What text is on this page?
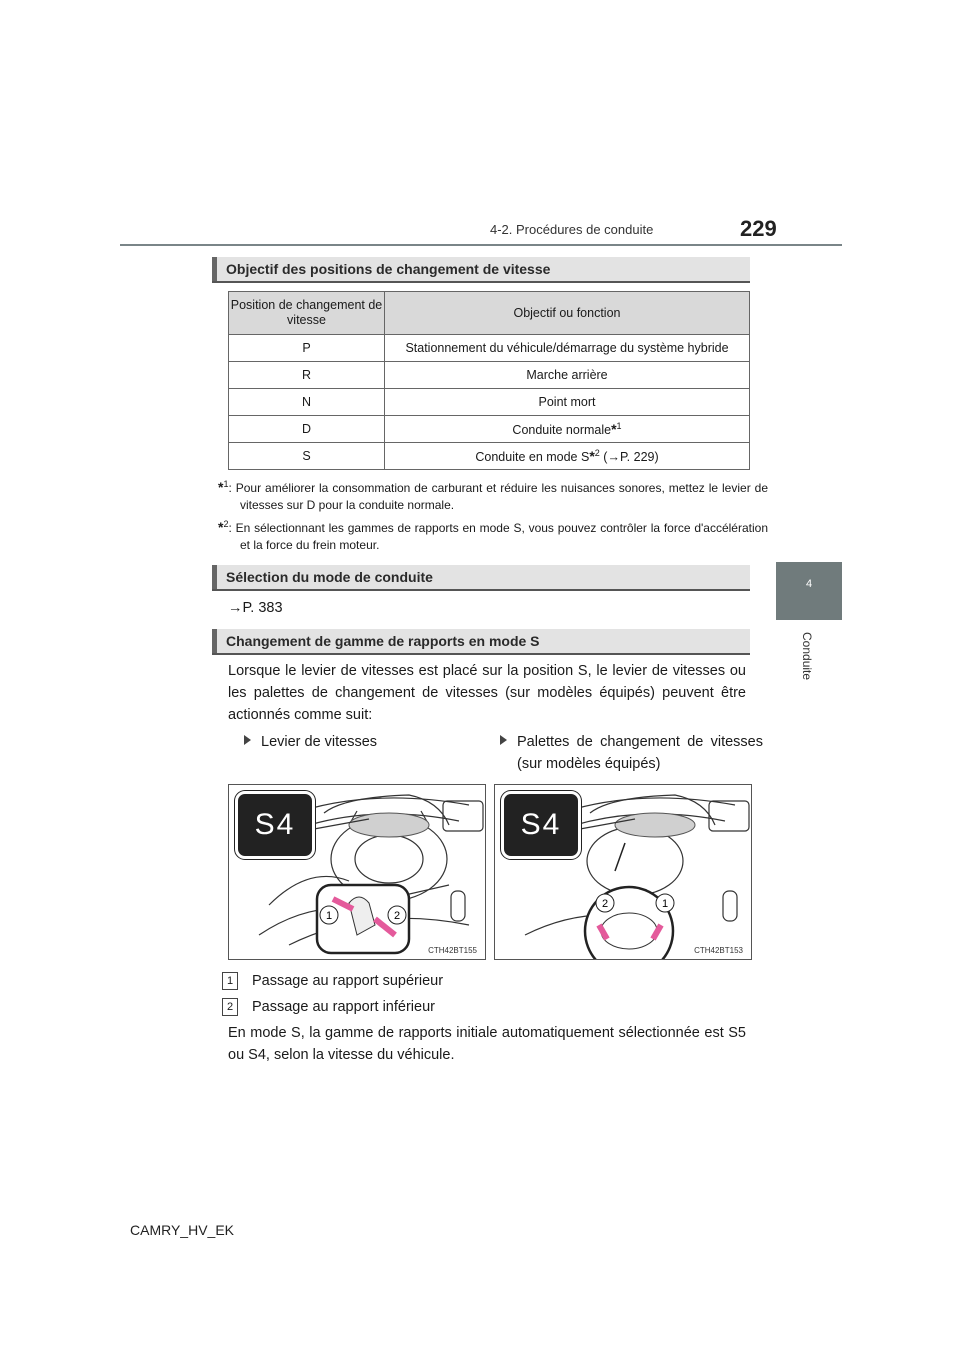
4-2. Procédures de conduite	229
4
Conduite
Objectif des positions de changement de vitesse
Position de changement de vitesse	Objectif ou fonction
P	Stationnement du véhicule/démarrage du système hybride
R	Marche arrière
N	Point mort
D	Conduite normale*$^1$
S	Conduite en mode S*$^2$ (→P. 229)
*$^1$: Pour améliorer la consommation de carburant et réduire les nuisances sonores, mettez le levier de vitesses sur D pour la conduite normale.
*$^2$: En sélectionnant les gammes de rapports en mode S, vous pouvez contrôler la force d'accélération et la force du frein moteur.
Sélection du mode de conduite
→P. 383
Changement de gamme de rapports en mode S
Lorsque le levier de vitesses est placé sur la position S, le levier de vitesses ou les palettes de changement de vitesses (sur modèles équipés) peuvent être actionnés comme suit:
Levier de vitesses	Palettes de changement de vitesses (sur modèles équipés)
1	2
S4
CTH42BT155
2	1
S4
CTH42BT153
1 Passage au rapport supérieur
2 Passage au rapport inférieur
En mode S, la gamme de rapports initiale automatiquement sélectionnée est S5 ou S4, selon la vitesse du véhicule.
CAMRY_HV_EK
